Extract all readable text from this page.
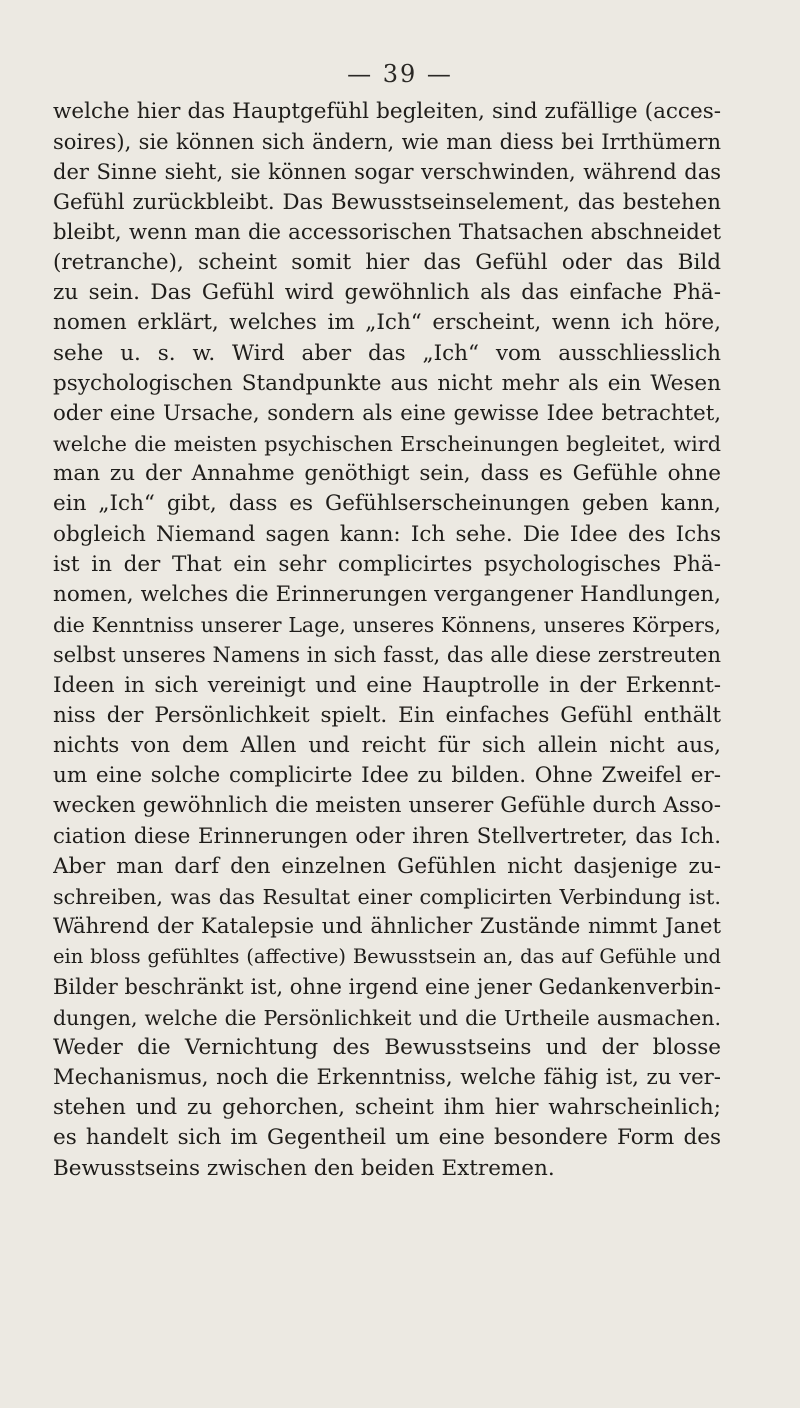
— 39 —
welche hier das Hauptgefühl begleiten, sind zufällige (acces-
soires), sie können sich ändern, wie man diess bei Irrthümern
der Sinne sieht, sie können sogar verschwinden, während das
Gefühl zurückbleibt. Das Bewusstseinselement, das bestehen
bleibt, wenn man die accessorischen Thatsachen abschneidet
(retranche), scheint somit hier das Gefühl oder das Bild
zu sein. Das Gefühl wird gewöhnlich als das einfache Phä-
nomen erklärt, welches im „Ich“ erscheint, wenn ich höre,
sehe u. s. w. Wird aber das „Ich“ vom ausschliesslich
psychologischen Standpunkte aus nicht mehr als ein Wesen
oder eine Ursache, sondern als eine gewisse Idee betrachtet,
welche die meisten psychischen Erscheinungen begleitet, wird
man zu der Annahme genöthigt sein, dass es Gefühle ohne
ein „Ich“ gibt, dass es Gefühlserscheinungen geben kann,
obgleich Niemand sagen kann: Ich sehe. Die Idee des Ichs
ist in der That ein sehr complicirtes psychologisches Phä-
nomen, welches die Erinnerungen vergangener Handlungen,
die Kenntniss unserer Lage, unseres Könnens, unseres Körpers,
selbst unseres Namens in sich fasst, das alle diese zerstreuten
Ideen in sich vereinigt und eine Hauptrolle in der Erkennt-
niss der Persönlichkeit spielt. Ein einfaches Gefühl enthält
nichts von dem Allen und reicht für sich allein nicht aus,
um eine solche complicirte Idee zu bilden. Ohne Zweifel er-
wecken gewöhnlich die meisten unserer Gefühle durch Asso-
ciation diese Erinnerungen oder ihren Stellvertreter, das Ich.
Aber man darf den einzelnen Gefühlen nicht dasjenige zu-
schreiben, was das Resultat einer complicirten Verbindung ist.
Während der Katalepsie und ähnlicher Zustände nimmt Janet
ein bloss gefühltes (affective) Bewusstsein an, das auf Gefühle und
Bilder beschränkt ist, ohne irgend eine jener Gedankenverbin-
dungen, welche die Persönlichkeit und die Urtheile ausmachen.
Weder die Vernichtung des Bewusstseins und der blosse
Mechanismus, noch die Erkenntniss, welche fähig ist, zu ver-
stehen und zu gehorchen, scheint ihm hier wahrscheinlich;
es handelt sich im Gegentheil um eine besondere Form des
Bewusstseins zwischen den beiden Extremen.
